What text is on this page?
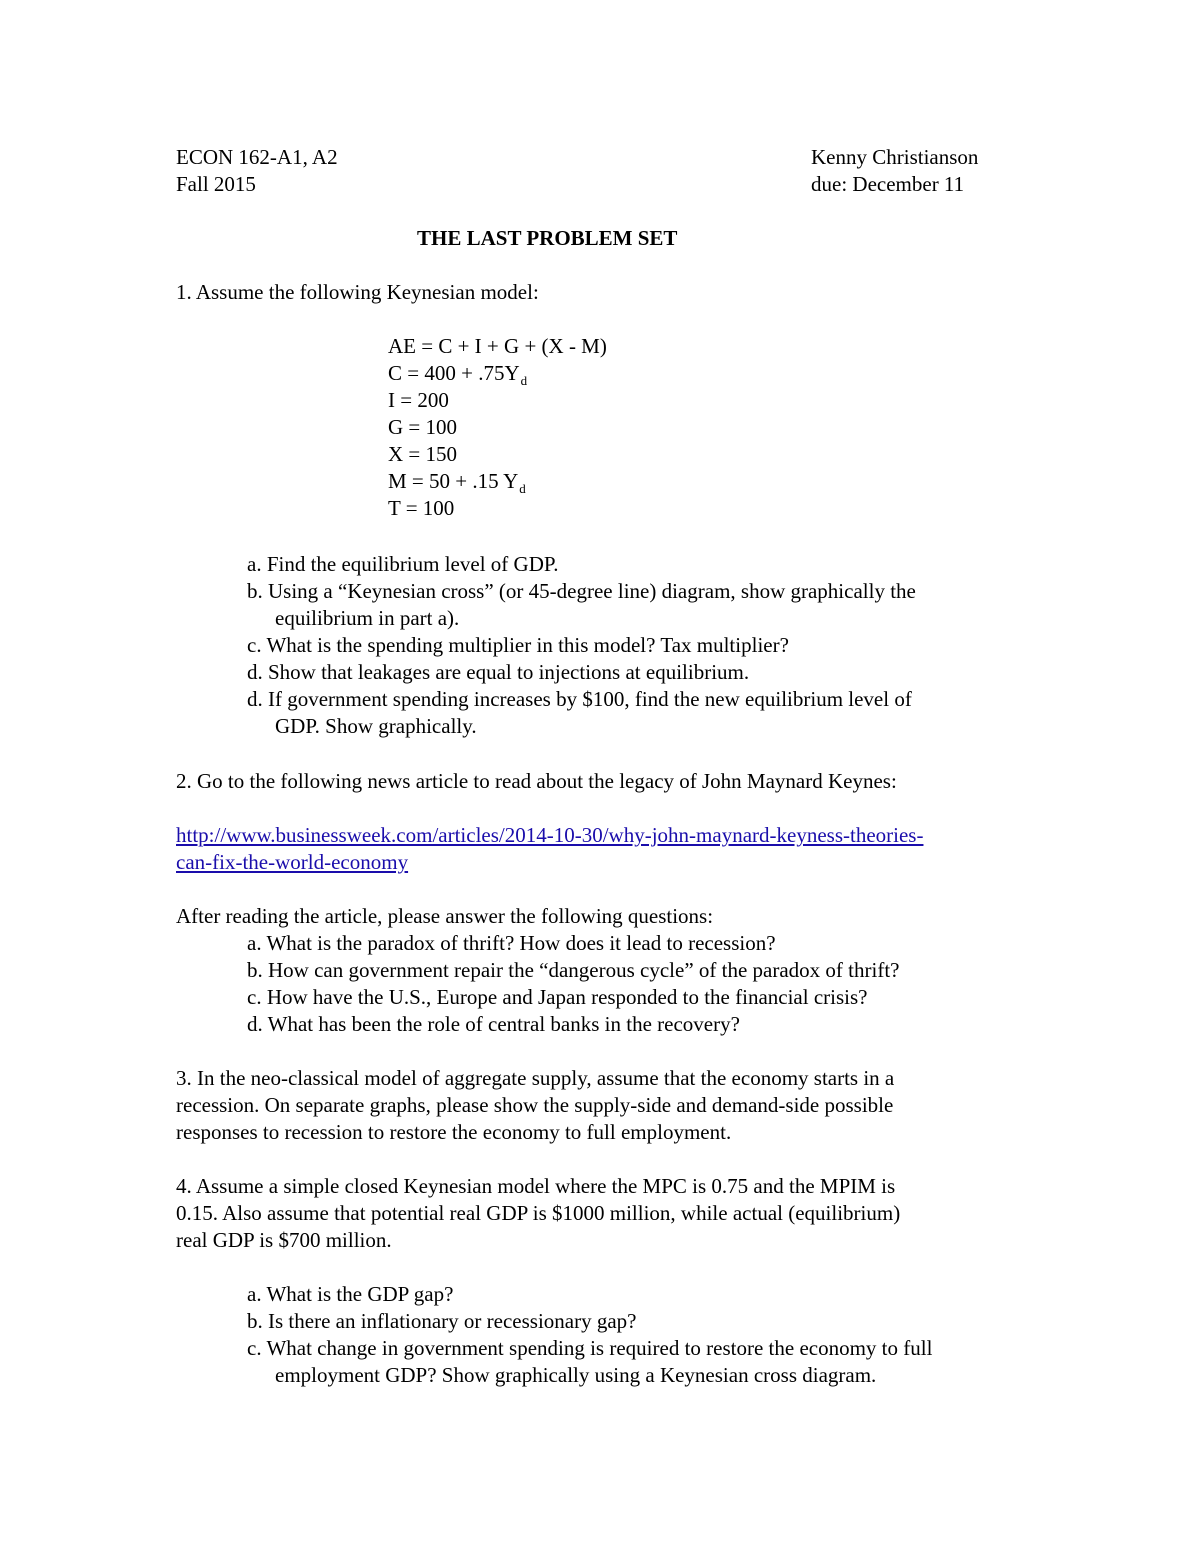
ECON 162-A1, A2
Fall 2015
Kenny Christianson
due: December 11
THE LAST PROBLEM SET
1. Assume the following Keynesian model:
AE = C + I + G + (X - M)
$C = 400 + .75Y_d$
I = 200
G = 100
X = 150
M = 50 + .15 $Y_d$
T = 100
a. Find the equilibrium level of GDP.
b. Using a “Keynesian cross” (or 45-degree line) diagram, show graphically the
equilibrium in part a).
c. What is the spending multiplier in this model? Tax multiplier?
d. Show that leakages are equal to injections at equilibrium.
d. If government spending increases by $100, find the new equilibrium level of
GDP. Show graphically.
2. Go to the following news article to read about the legacy of John Maynard Keynes:
http://www.businessweek.com/articles/2014-10-30/why-john-maynard-keyness-theories-
can-fix-the-world-economy
After reading the article, please answer the following questions:
a. What is the paradox of thrift? How does it lead to recession?
b. How can government repair the “dangerous cycle” of the paradox of thrift?
c. How have the U.S., Europe and Japan responded to the financial crisis?
d. What has been the role of central banks in the recovery?
3. In the neo-classical model of aggregate supply, assume that the economy starts in a
recession. On separate graphs, please show the supply-side and demand-side possible
responses to recession to restore the economy to full employment.
4. Assume a simple closed Keynesian model where the MPC is 0.75 and the MPIM is
0.15. Also assume that potential real GDP is $1000 million, while actual (equilibrium)
real GDP is $700 million.
a. What is the GDP gap?
b. Is there an inflationary or recessionary gap?
c. What change in government spending is required to restore the economy to full
employment GDP? Show graphically using a Keynesian cross diagram.
